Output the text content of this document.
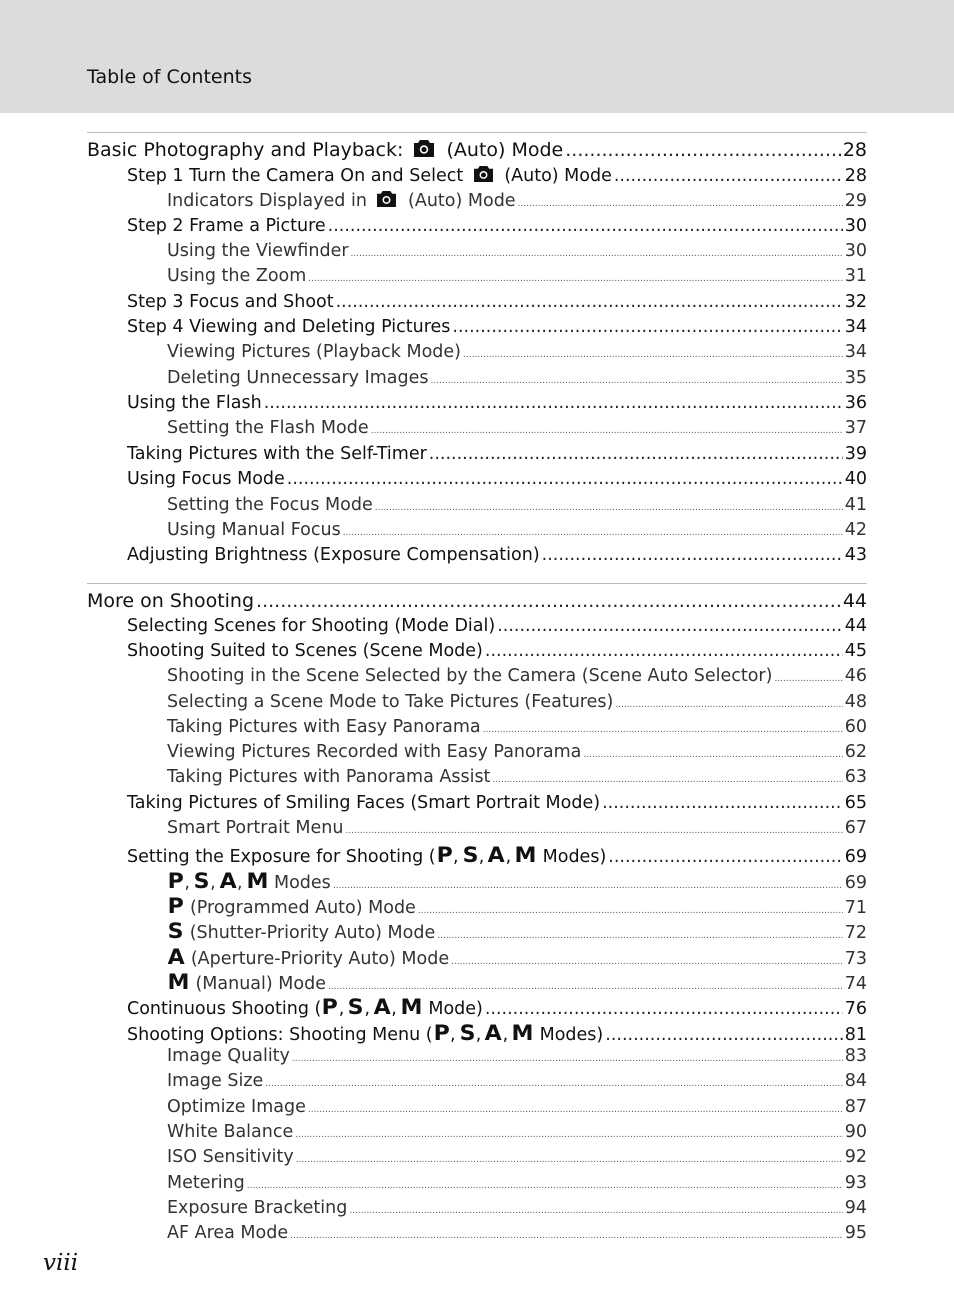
Table of Contents
Basic Photography and Playback:  (Auto) Mode .....	28
Step 1 Turn the Camera On and Select  (Auto) Mode .....	28
Indicators Displayed in  (Auto) Mode .....	29
Step 2 Frame a Picture .....	30
Using the Viewfinder .....	30
Using the Zoom .....	31
Step 3 Focus and Shoot .....	32
Step 4 Viewing and Deleting Pictures .....	34
Viewing Pictures (Playback Mode) .....	34
Deleting Unnecessary Images .....	35
Using the Flash .....	36
Setting the Flash Mode .....	37
Taking Pictures with the Self-Timer .....	39
Using Focus Mode .....	40
Setting the Focus Mode .....	41
Using Manual Focus .....	42
Adjusting Brightness (Exposure Compensation) .....	43
More on Shooting .....	44
Selecting Scenes for Shooting (Mode Dial) .....	44
Shooting Suited to Scenes (Scene Mode) .....	45
Shooting in the Scene Selected by the Camera (Scene Auto Selector) .....	46
Selecting a Scene Mode to Take Pictures (Features) .....	48
Taking Pictures with Easy Panorama .....	60
Viewing Pictures Recorded with Easy Panorama .....	62
Taking Pictures with Panorama Assist .....	63
Taking Pictures of Smiling Faces (Smart Portrait Mode) .....	65
Smart Portrait Menu .....	67
Setting the Exposure for Shooting (P, S, A, M Modes) .....	69
P, S, A, M Modes .....	69
P (Programmed Auto) Mode .....	71
S (Shutter-Priority Auto) Mode .....	72
A (Aperture-Priority Auto) Mode .....	73
M (Manual) Mode .....	74
Continuous Shooting (P, S, A, M Mode) .....	76
Shooting Options: Shooting Menu (P, S, A, M Modes) .....	81
Image Quality .....	83
Image Size .....	84
Optimize Image .....	87
White Balance .....	90
ISO Sensitivity .....	92
Metering .....	93
Exposure Bracketing .....	94
AF Area Mode .....	95
viii
